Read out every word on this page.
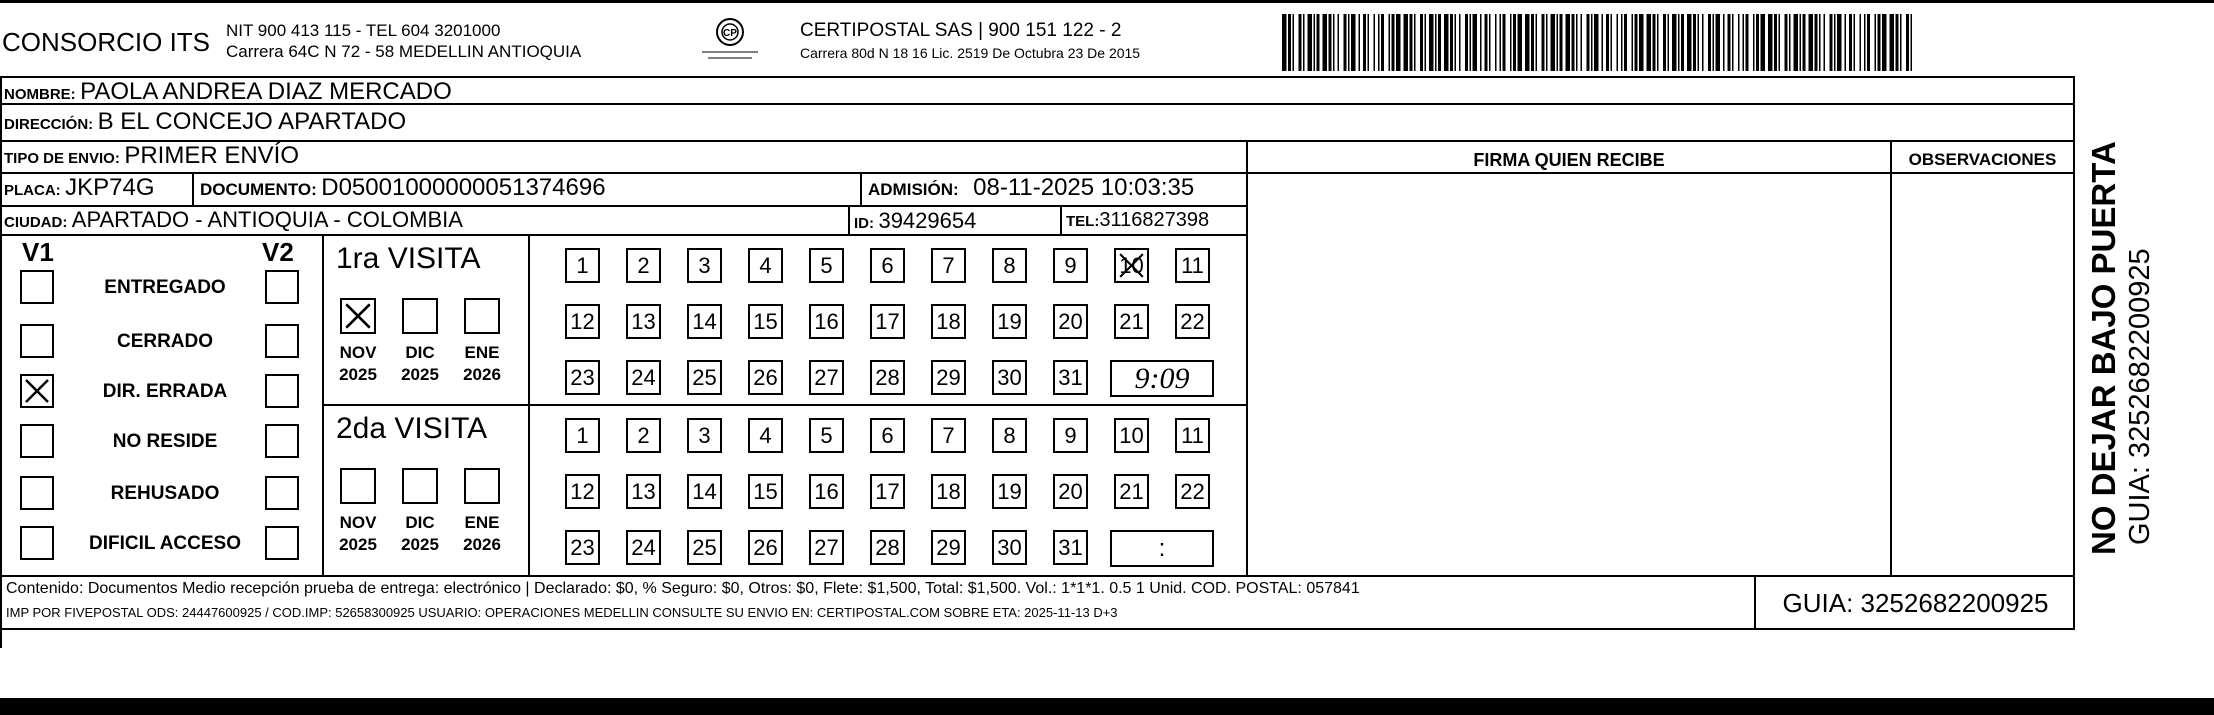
CONSORCIO ITS NIT 900 413 115 - TEL 604 3201000
Carrera 64C N 72 - 58 MEDELLIN ANTIOQUIA
CP	CERTIPOSTAL SAS | 900 151 122 - 2
Carrera 80d N 18 16 Lic. 2519 De Octubra 23 De 2015
NOMBRE: PAOLA ANDREA DIAZ MERCADO
DIRECCIÓN: B EL CONCEJO APARTADO
TIPO DE ENVIO: PRIMER ENVÍO	FIRMA QUIEN RECIBE	OBSERVACIONES
PLACA: JKP74G	DOCUMENTO: D05001000000051374696	ADMISIÓN: 08-11-2025 10:03:35
CIUDAD: APARTADO - ANTIOQUIA - COLOMBIA	ID: 39429654	TEL:3116827398
V1	V2
ENTREGADO
CERRADO
DIR. ERRADA
NO RESIDE
REHUSADO
DIFICIL ACCESO
1ra VISITA
NOV
2025
DIC
2025
ENE
2026
1 2 3 4 5 6 7 8 9 10 11
12 13 14 15 16 17 18 19 20 21 22
23 24 25 26 27 28 29 30 31 9:09
2da VISITA
NOV
2025
DIC
2025
ENE
2026
1 2 3 4 5 6 7 8 9 10 11
12 13 14 15 16 17 18 19 20 21 22
23 24 25 26 27 28 29 30 31	:
Contenido: Documentos Medio recepción prueba de entrega: electrónico | Declarado: $0, % Seguro: $0, Otros: $0, Flete: $1,500, Total: $1,500. Vol.: 1*1*1. 0.5 1 Unid. COD. POSTAL: 057841
IMP POR FIVEPOSTAL ODS: 24447600925 / COD.IMP: 52658300925 USUARIO: OPERACIONES MEDELLIN CONSULTE SU ENVIO EN: CERTIPOSTAL.COM SOBRE ETA: 2025-11-13 D+3	GUIA: 3252682200925
NO DEJAR BAJO PUERTA GUIA: 3252682200925
